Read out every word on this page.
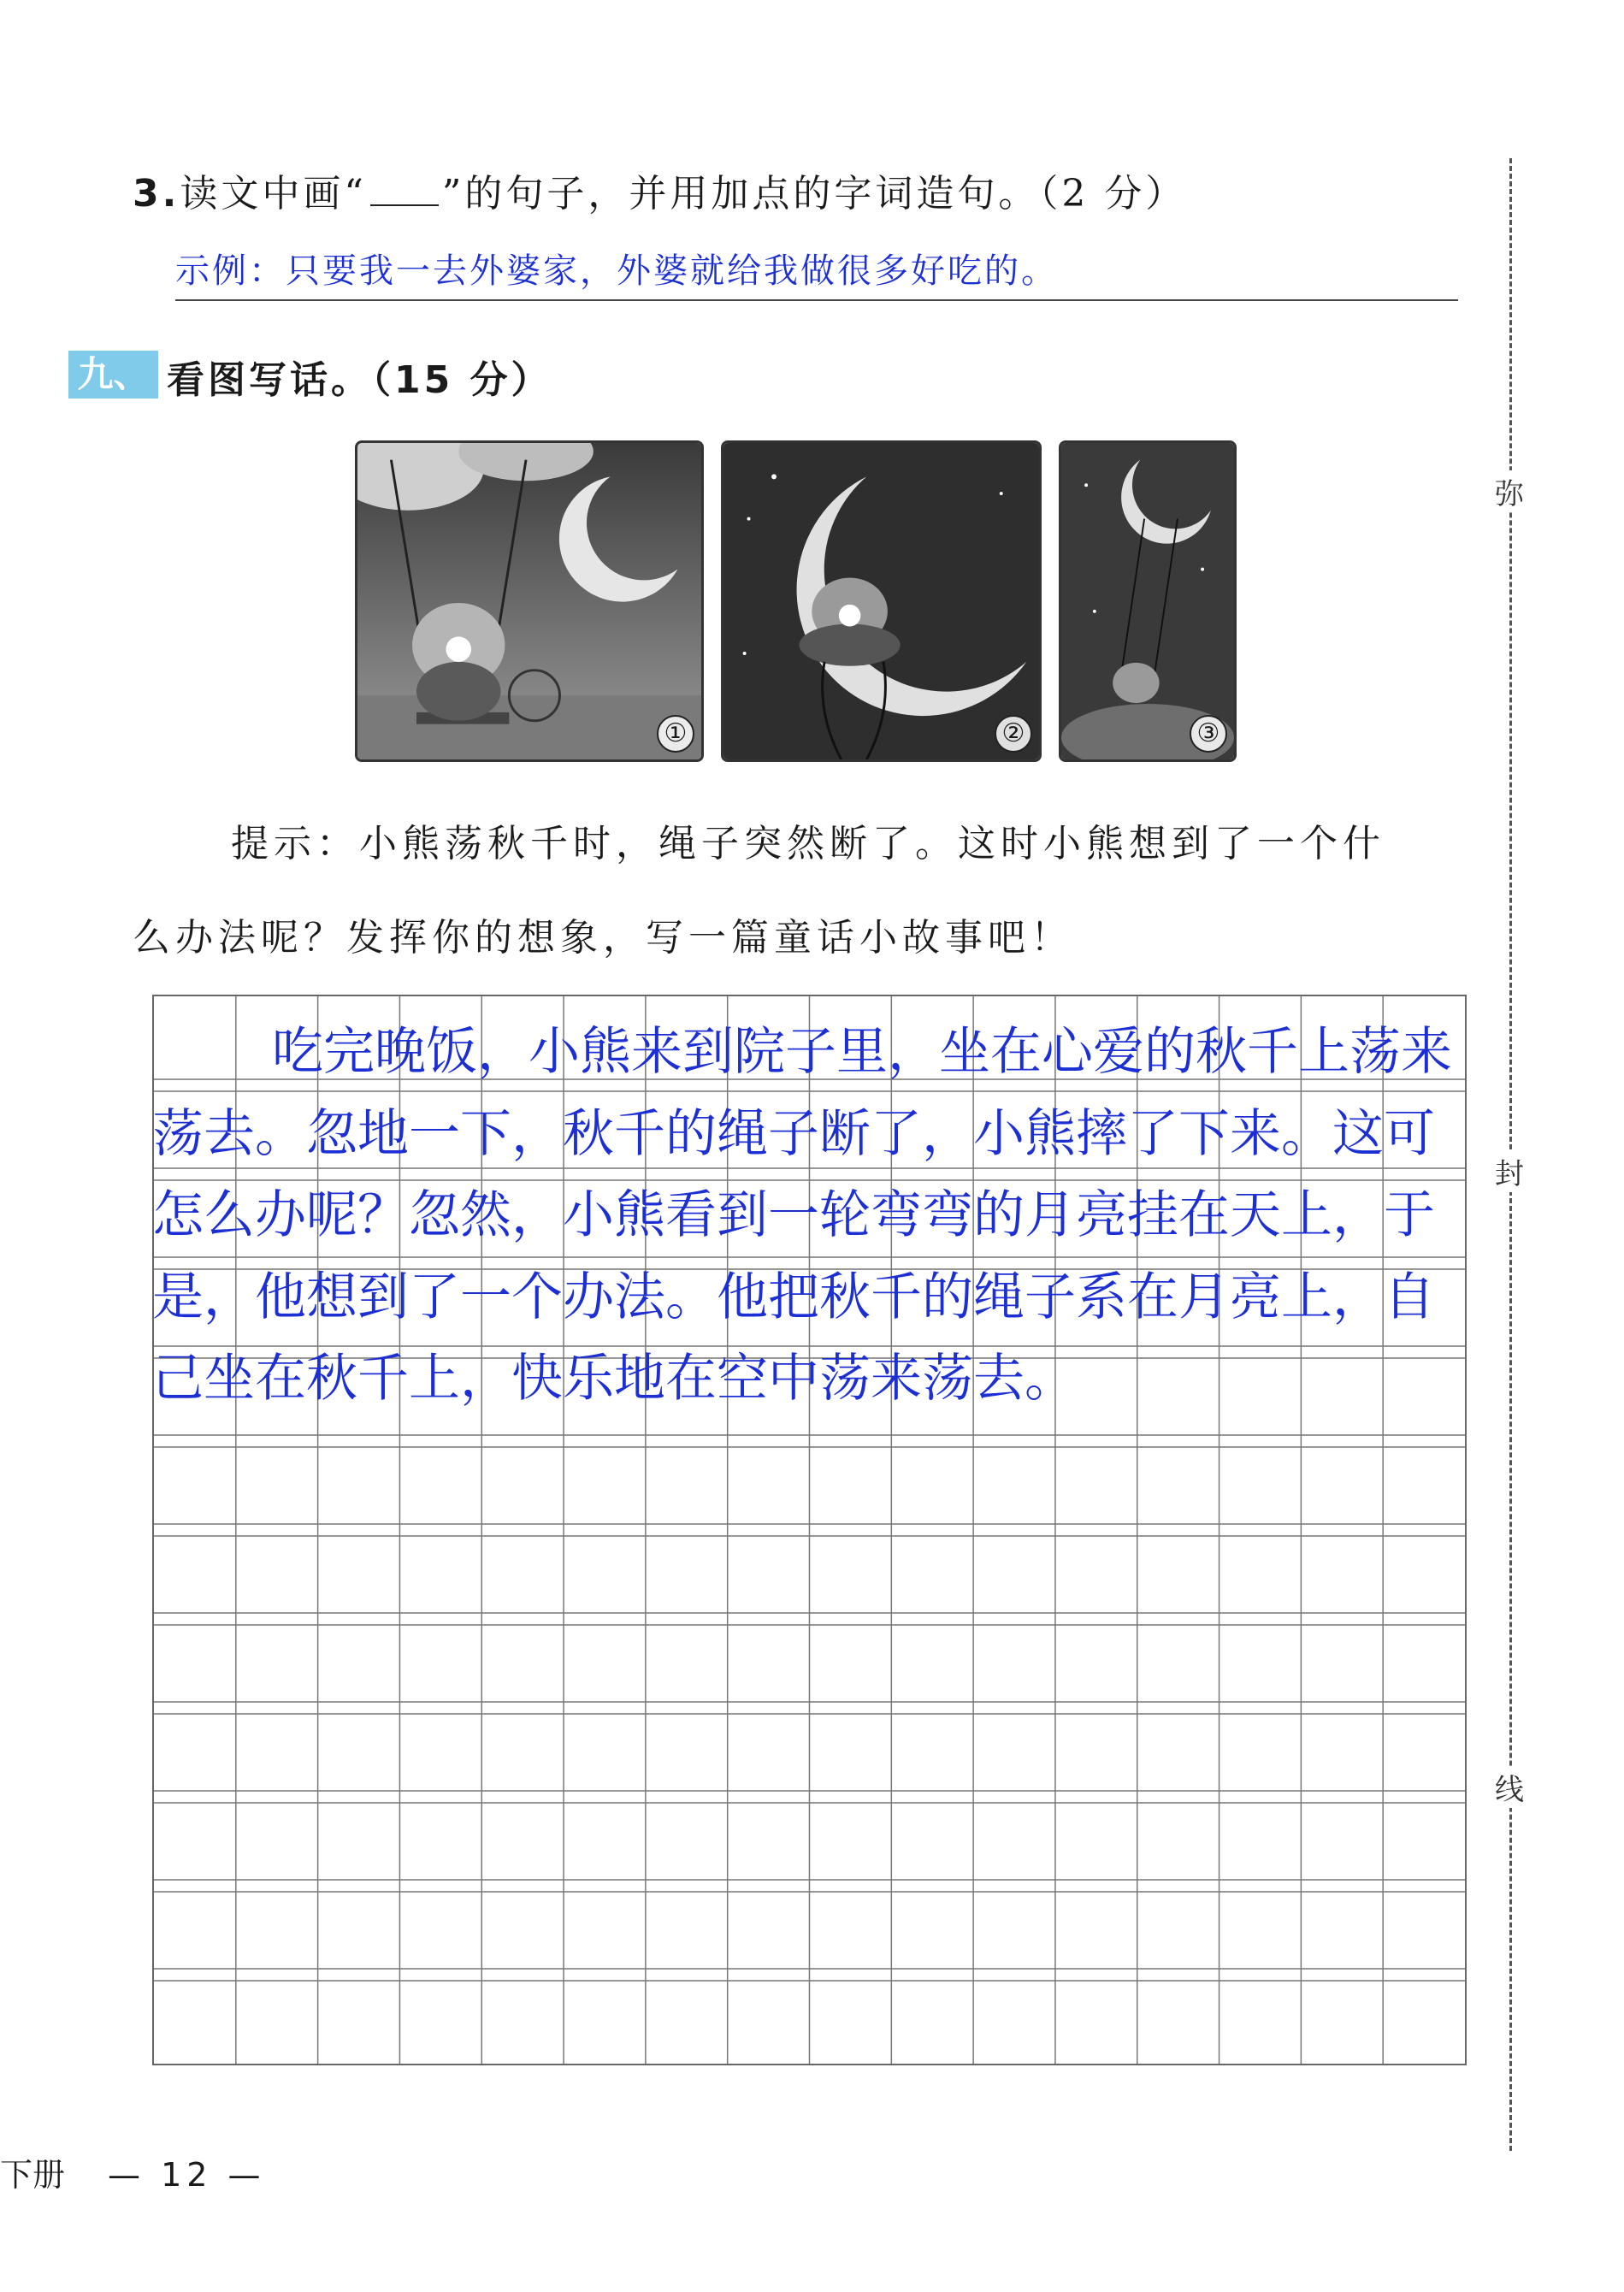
3.读文中画“ ”的句子，并用加点的字词造句。（2 分）
示例：只要我一去外婆家，外婆就给我做很多好吃的。
九、 看图写话。（15 分）
①	②	③
提示：小熊荡秋千时，绳子突然断了。这时小熊想到了一个什
么办法呢？发挥你的想象，写一篇童话小故事吧！

吃完晚饭，小熊来到院子里，坐在心爱的秋千上荡来荡去。忽地一下，秋千的绳子断了，小熊摔了下来。这可怎么办呢？忽然，小熊看到一轮弯弯的月亮挂在天上，于是，他想到了一个办法。他把秋千的绳子系在月亮上，自己坐在秋千上，快乐地在空中荡来荡去。

弥
封
线
下册 — 12 —
